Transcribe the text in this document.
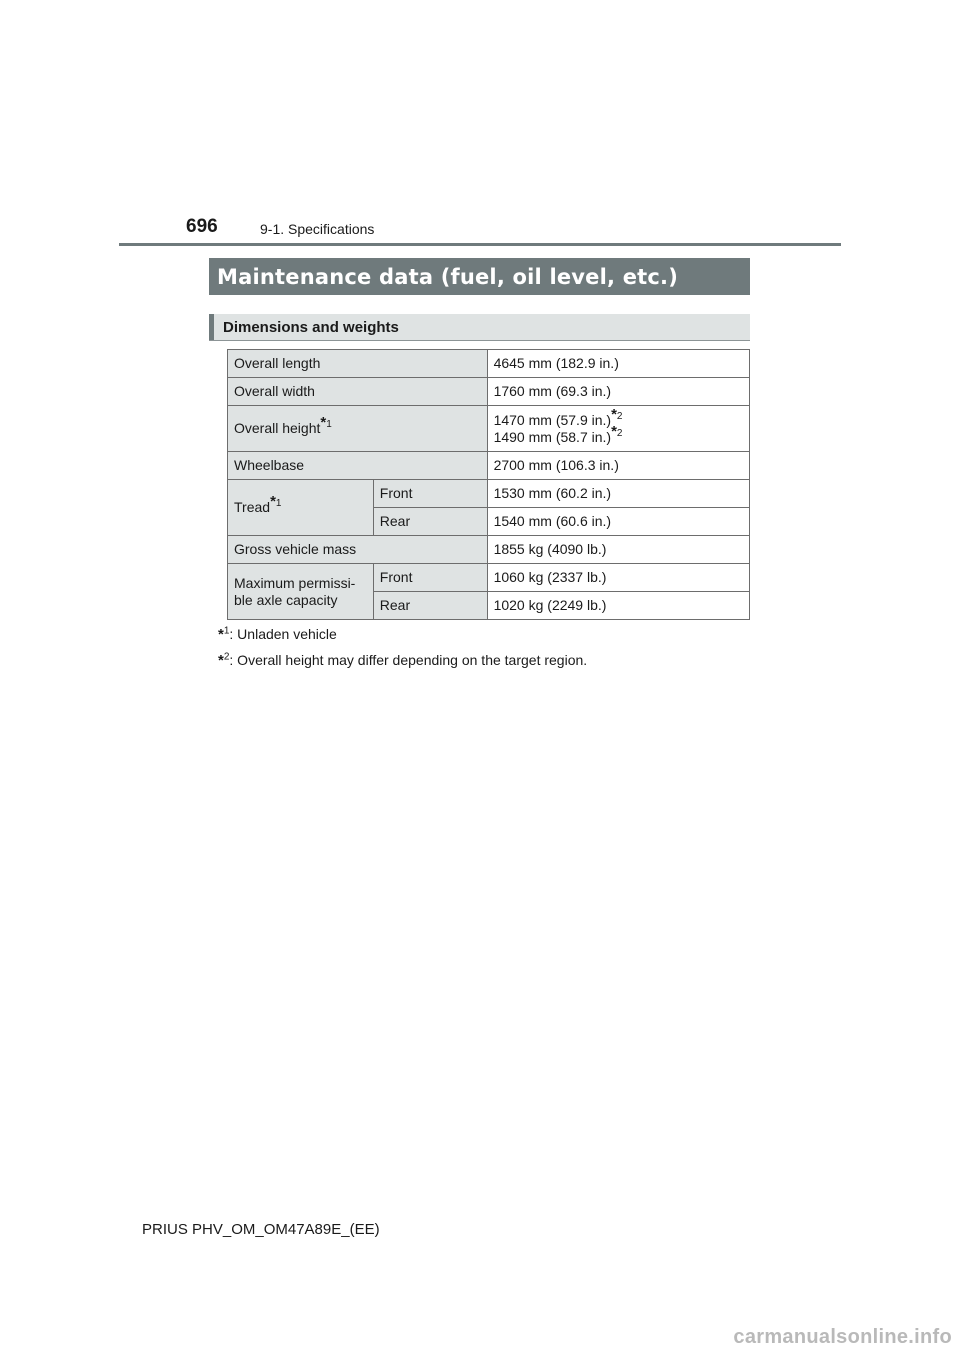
696	9-1. Specifications
Maintenance data (fuel, oil level, etc.)
Dimensions and weights
Overall length		4645 mm (182.9 in.)
Overall width		1760 mm (69.3 in.)
Overall height$^{*1}$		1470 mm (57.9 in.)$^{*2}$
1490 mm (58.7 in.)$^{*2}$

Wheelbase		2700 mm (106.3 in.)
Tread$^{*1}$	Front	1530 mm (60.2 in.)
	Rear	1540 mm (60.6 in.)
Gross vehicle mass		1855 kg (4090 lb.)

Maximum permissi-
ble axle capacity	Front	1060 kg (2337 lb.)
	Rear	1020 kg (2249 lb.)
*$^1$: Unladen vehicle
*$^2$: Overall height may differ depending on the target region.
PRIUS PHV_OM_OM47A89E_(EE)
carmanualsonline.info
